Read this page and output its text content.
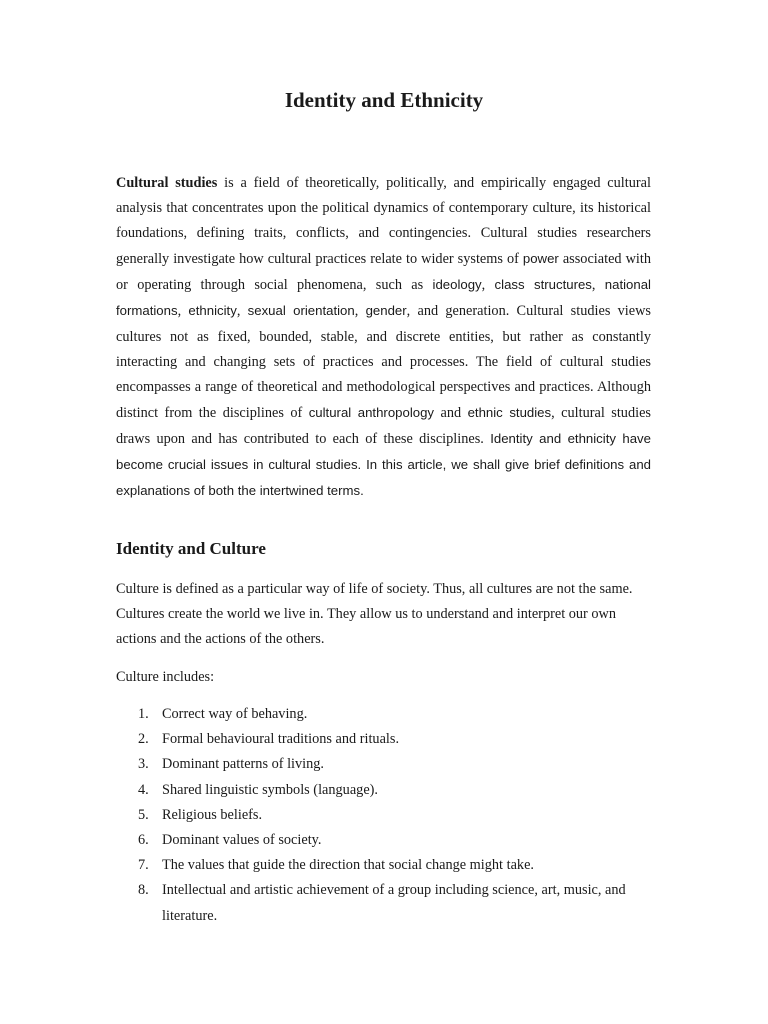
Identity and Ethnicity

Cultural studies is a field of theoretically, politically, and empirically engaged cultural analysis that concentrates upon the political dynamics of contemporary culture, its historical foundations, defining traits, conflicts, and contingencies. Cultural studies researchers generally investigate how cultural practices relate to wider systems of power associated with or operating through social phenomena, such as ideology, class structures, national formations, ethnicity, sexual orientation, gender, and generation. Cultural studies views cultures not as fixed, bounded, stable, and discrete entities, but rather as constantly interacting and changing sets of practices and processes. The field of cultural studies encompasses a range of theoretical and methodological perspectives and practices. Although distinct from the disciplines of cultural anthropology and ethnic studies, cultural studies draws upon and has contributed to each of these disciplines. Identity and ethnicity have become crucial issues in cultural studies. In this article, we shall give brief definitions and explanations of both the intertwined terms.

Identity and Culture

Culture is defined as a particular way of life of society. Thus, all cultures are not the same. Cultures create the world we live in. They allow us to understand and interpret our own actions and the actions of the others.

Culture includes:

1. Correct way of behaving.
2. Formal behavioural traditions and rituals.
3. Dominant patterns of living.
4. Shared linguistic symbols (language).
5. Religious beliefs.
6. Dominant values of society.
7. The values that guide the direction that social change might take.
8. Intellectual and artistic achievement of a group including science, art, music, and literature.
